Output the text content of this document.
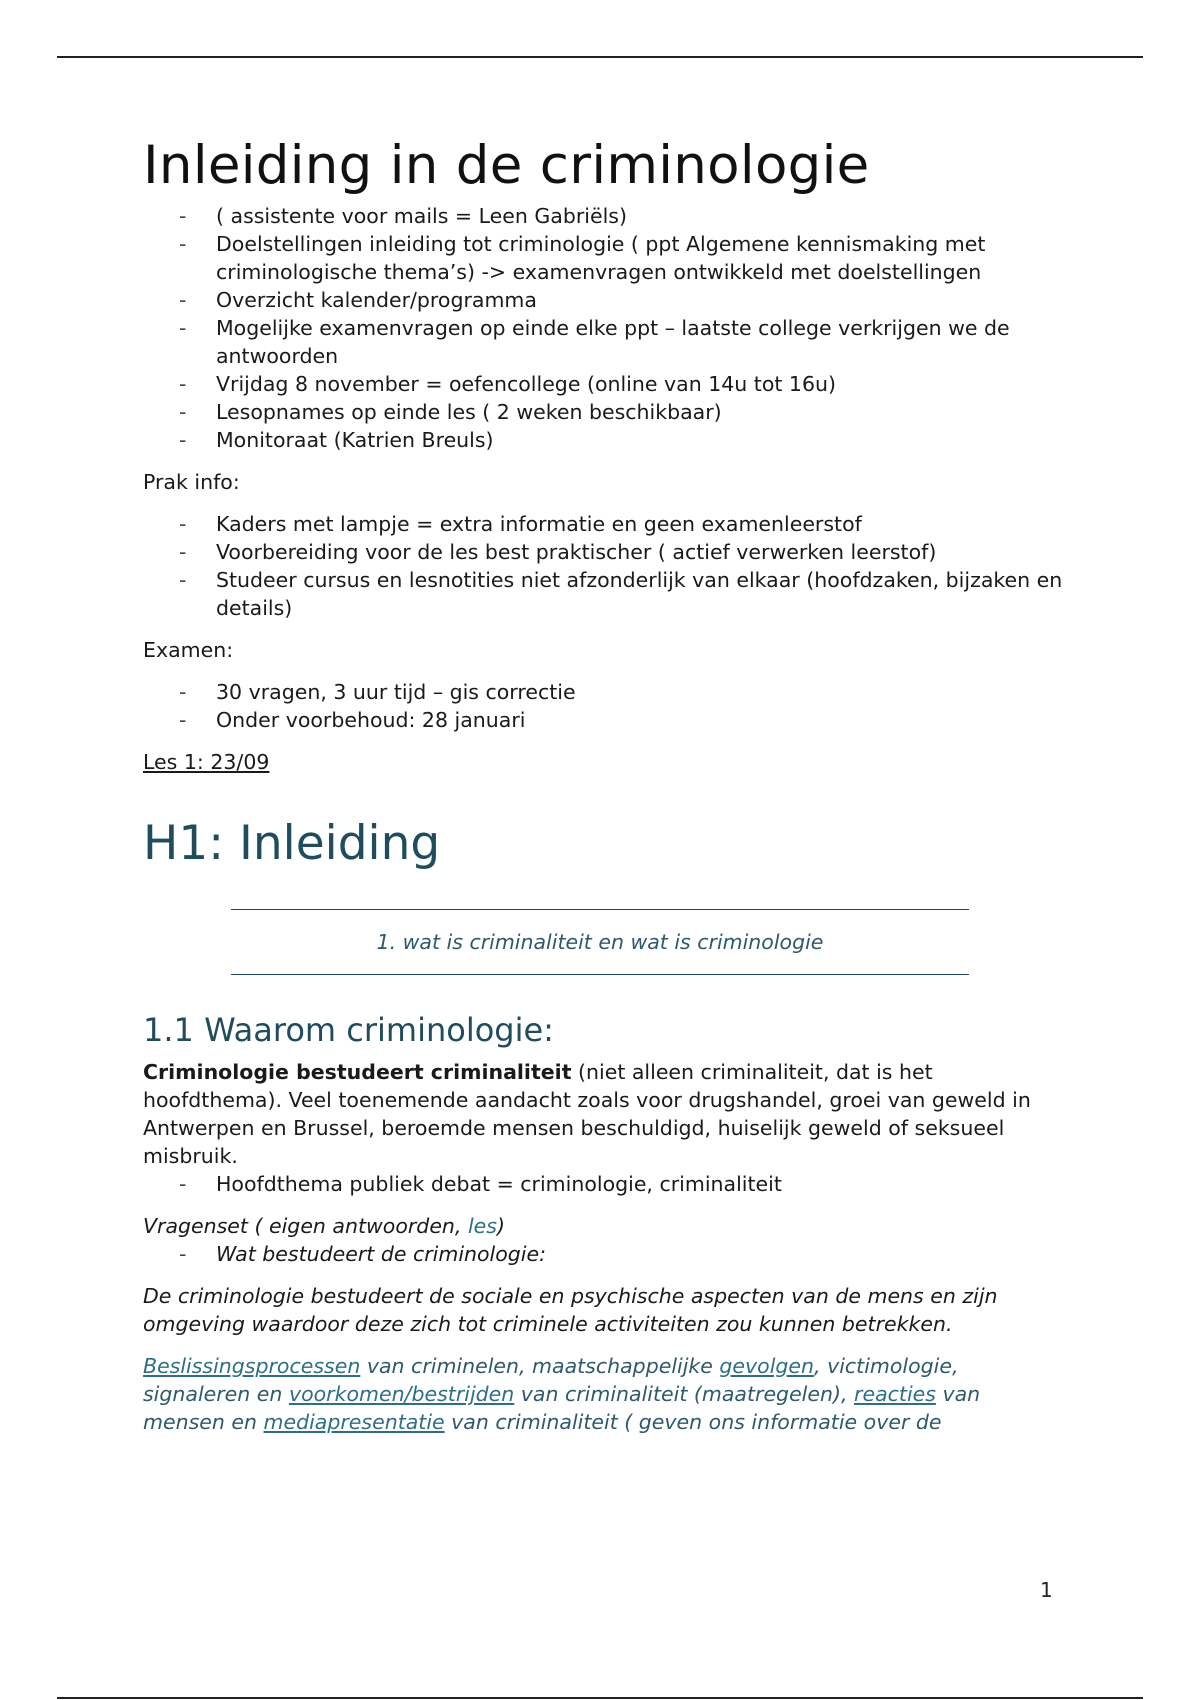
Inleiding in de criminologie
- ( assistente voor mails = Leen Gabriëls)
- Doelstellingen inleiding tot criminologie ( ppt Algemene kennismaking met criminologische thema’s) -> examenvragen ontwikkeld met doelstellingen
- Overzicht kalender/programma
- Mogelijke examenvragen op einde elke ppt – laatste college verkrijgen we de antwoorden
- Vrijdag 8 november = oefencollege (online van 14u tot 16u)
- Lesopnames op einde les ( 2 weken beschikbaar)
- Monitoraat (Katrien Breuls)

Prak info:

- Kaders met lampje = extra informatie en geen examenleerstof
- Voorbereiding voor de les best praktischer ( actief verwerken leerstof)
- Studeer cursus en lesnotities niet afzonderlijk van elkaar (hoofdzaken, bijzaken en details)

Examen:

- 30 vragen, 3 uur tijd – gis correctie
- Onder voorbehoud: 28 januari

Les 1: 23/09

H1: Inleiding
1. wat is criminaliteit en wat is criminologie
1.1 Waarom criminologie:

Criminologie bestudeert criminaliteit (niet alleen criminaliteit, dat is het hoofdthema). Veel toenemende aandacht zoals voor drugshandel, groei van geweld in Antwerpen en Brussel, beroemde mensen beschuldigd, huiselijk geweld of seksueel misbruik.

- Hoofdthema publiek debat = criminologie, criminaliteit

Vragenset ( eigen antwoorden, les)

- Wat bestudeert de criminologie:

De criminologie bestudeert de sociale en psychische aspecten van de mens en zijn omgeving waardoor deze zich tot criminele activiteiten zou kunnen betrekken.

Beslissingsprocessen van criminelen, maatschappelijke gevolgen, victimologie, signaleren en voorkomen/bestrijden van criminaliteit (maatregelen), reacties van mensen en mediapresentatie van criminaliteit ( geven ons informatie over de

1
